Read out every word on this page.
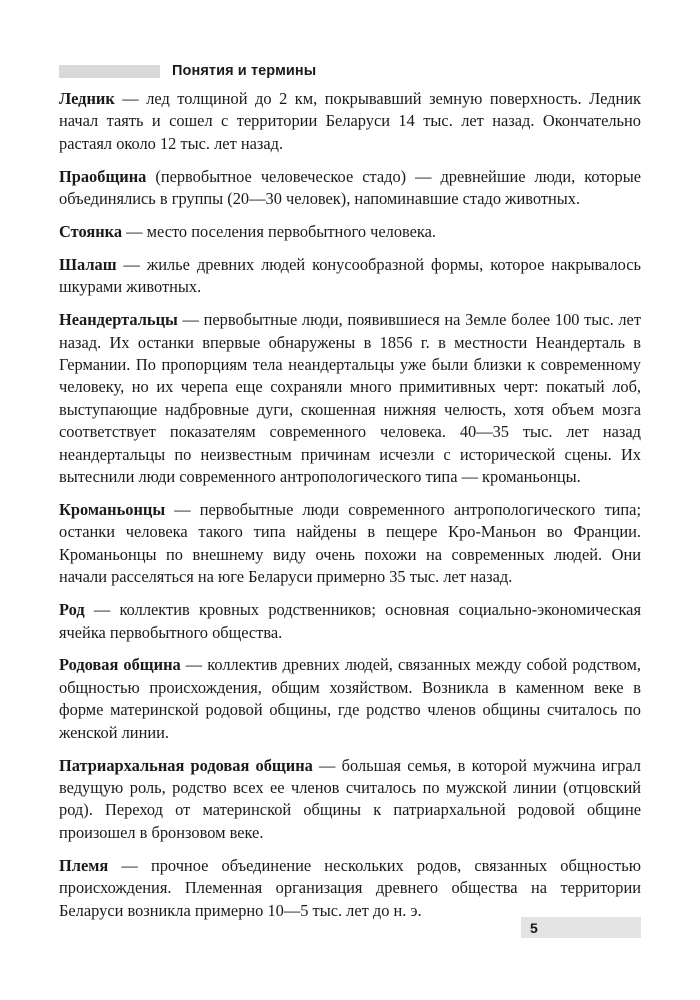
Понятия и термины

Ледник — лед толщиной до 2 км, покрывавший земную поверхность. Ледник начал таять и сошел с территории Беларуси 14 тыс. лет назад. Окончательно растаял около 12 тыс. лет назад.

Праобщина (первобытное человеческое стадо) — древнейшие люди, которые объединялись в группы (20—30 человек), напоминавшие стадо животных.

Стоянка — место поселения первобытного человека.

Шалаш — жилье древних людей конусообразной формы, которое накрывалось шкурами животных.

Неандертальцы — первобытные люди, появившиеся на Земле более 100 тыс. лет назад. Их останки впервые обнаружены в 1856 г. в местности Неандерталь в Германии. По пропорциям тела неандертальцы уже были близки к современному человеку, но их черепа еще сохраняли много примитивных черт: покатый лоб, выступающие надбровные дуги, скошенная нижняя челюсть, хотя объем мозга соответствует показателям современного человека. 40—35 тыс. лет назад неандертальцы по неизвестным причинам исчезли с исторической сцены. Их вытеснили люди современного антропологического типа — кроманьонцы.

Кроманьонцы — первобытные люди современного антропологического типа; останки человека такого типа найдены в пещере Кро-Маньон во Франции. Кроманьонцы по внешнему виду очень похожи на современных людей. Они начали расселяться на юге Беларуси примерно 35 тыс. лет назад.

Род — коллектив кровных родственников; основная социально-экономическая ячейка первобытного общества.

Родовая община — коллектив древних людей, связанных между собой родством, общностью происхождения, общим хозяйством. Возникла в каменном веке в форме материнской родовой общины, где родство членов общины считалось по женской линии.

Патриархальная родовая община — большая семья, в которой мужчина играл ведущую роль, родство всех ее членов считалось по мужской линии (отцовский род). Переход от материнской общины к патриархальной родовой общине произошел в бронзовом веке.

Племя — прочное объединение нескольких родов, связанных общностью происхождения. Племенная организация древнего общества на территории Беларуси возникла примерно 10—5 тыс. лет до н. э.

5
